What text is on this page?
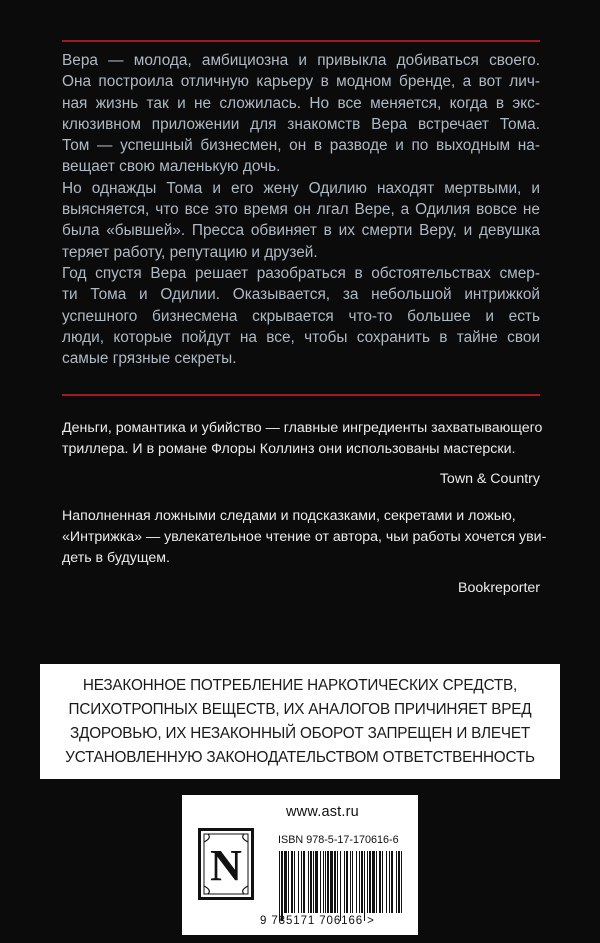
Вера — молода, амбициозна и привыкла добиваться своего.
Она построила отличную карьеру в модном бренде, а вот лич-
ная жизнь так и не сложилась. Но все меняется, когда в экс-
клюзивном приложении для знакомств Вера встречает Тома.
Том — успешный бизнесмен, он в разводе и по выходным на-
вещает свою маленькую дочь.

Но однажды Тома и его жену Одилию находят мертвыми, и
выясняется, что все это время он лгал Вере, а Одилия вовсе не
была «бывшей». Пресса обвиняет в их смерти Веру, и девушка
теряет работу, репутацию и друзей.

Год спустя Вера решает разобраться в обстоятельствах смер-
ти Тома и Одилии. Оказывается, за небольшой интрижкой
успешного бизнесмена скрывается что-то большее и есть
люди, которые пойдут на все, чтобы сохранить в тайне свои
самые грязные секреты.

Деньги, романтика и убийство — главные ингредиенты захватывающего
триллера. И в романе Флоры Коллинз они использованы мастерски.
Town & Country
Наполненная ложными следами и подсказками, секретами и ложью,
«Интрижка» — увлекательное чтение от автора, чьи работы хочется уви-
деть в будущем.
Bookreporter
НЕЗАКОННОЕ ПОТРЕБЛЕНИЕ НАРКОТИЧЕСКИХ СРЕДСТВ,
ПСИХОТРОПНЫХ ВЕЩЕСТВ, ИХ АНАЛОГОВ ПРИЧИНЯЕТ ВРЕД
ЗДОРОВЬЮ, ИХ НЕЗАКОННЫЙ ОБОРОТ ЗАПРЕЩЕН И ВЛЕЧЕТ
УСТАНОВЛЕННУЮ ЗАКОНОДАТЕЛЬСТВОМ ОТВЕТСТВЕННОСТЬ
www.ast.ru
N
ISBN 978-5-17-170616-6
9 785171 706166 >
